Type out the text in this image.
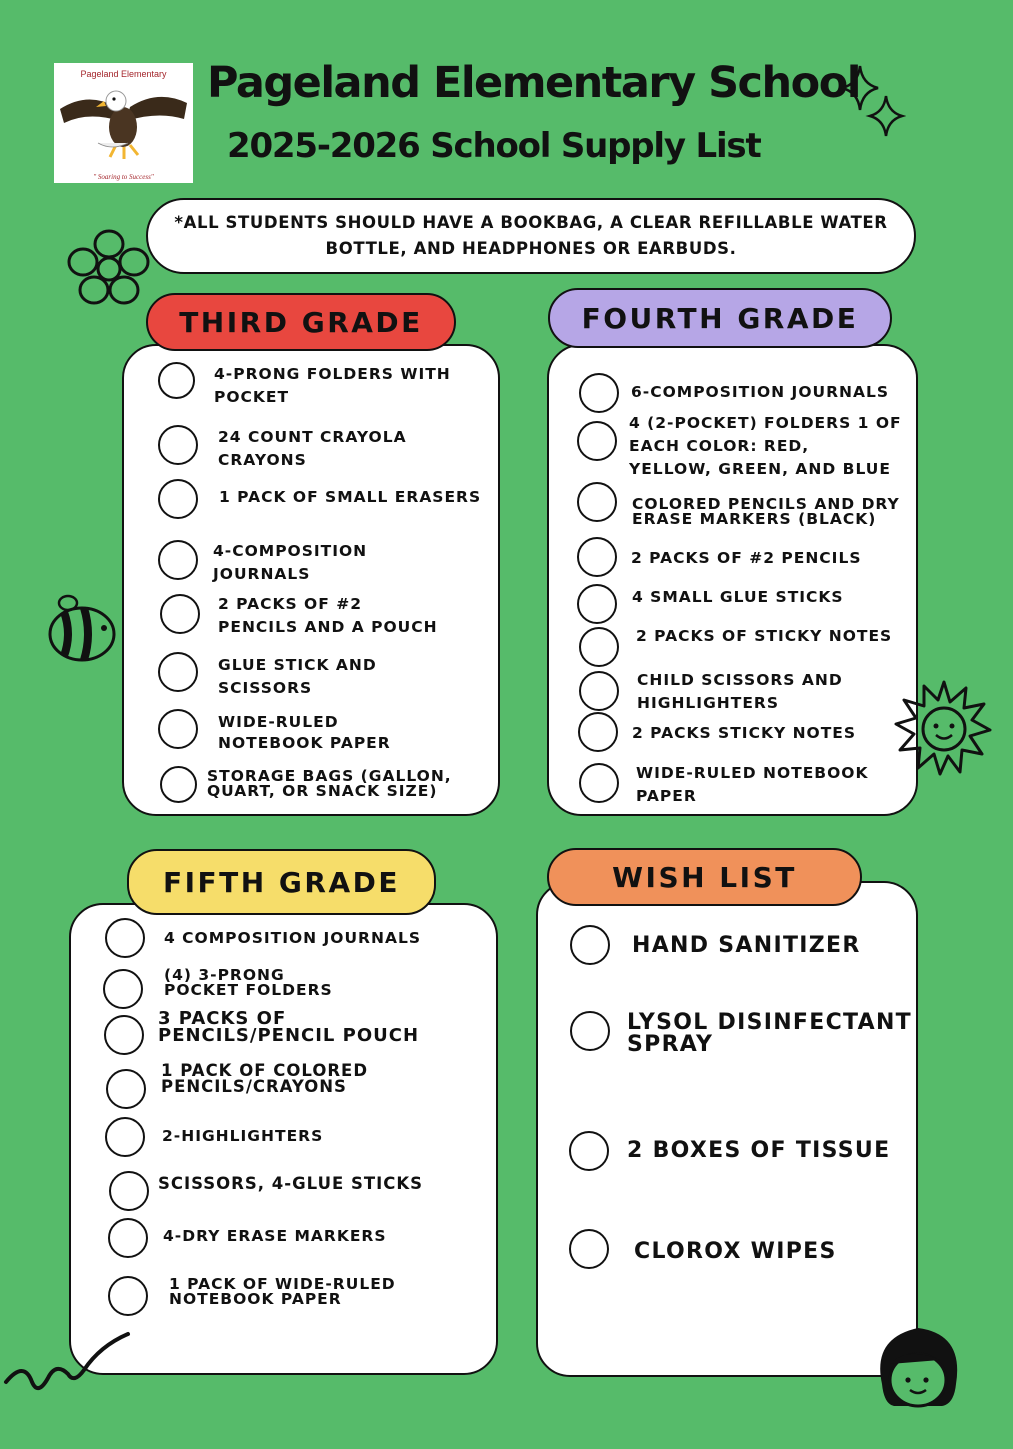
Pageland Elementary
" Soaring to Success"
Pageland Elementary School
2025-2026 School Supply List
*ALL STUDENTS SHOULD HAVE A BOOKBAG, A CLEAR REFILLABLE WATER
BOTTLE, AND HEADPHONES OR EARBUDS.
THIRD GRADE
4-PRONG FOLDERS WITH
POCKET
24 COUNT CRAYOLA
CRAYONS
1 PACK OF SMALL ERASERS
4-COMPOSITION
JOURNALS
2 PACKS OF #2
PENCILS AND A POUCH
GLUE STICK AND
SCISSORS
WIDE-RULED
NOTEBOOK PAPER
STORAGE BAGS (GALLON,
QUART, OR SNACK SIZE)
FOURTH GRADE
6-COMPOSITION JOURNALS
4 (2-POCKET) FOLDERS 1 OF
EACH COLOR: RED,
YELLOW, GREEN, AND BLUE
COLORED PENCILS AND DRY
ERASE MARKERS (BLACK)
2 PACKS OF #2 PENCILS
4 SMALL GLUE STICKS
2 PACKS OF STICKY NOTES
CHILD SCISSORS AND
HIGHLIGHTERS
2 PACKS STICKY NOTES
WIDE-RULED NOTEBOOK
PAPER
FIFTH GRADE
4 COMPOSITION JOURNALS
(4) 3-PRONG
POCKET FOLDERS
3 PACKS OF
PENCILS/PENCIL POUCH
1 PACK OF COLORED
PENCILS/CRAYONS
2-HIGHLIGHTERS
SCISSORS, 4-GLUE STICKS
4-DRY ERASE MARKERS
1 PACK OF WIDE-RULED
NOTEBOOK PAPER
WISH LIST
HAND SANITIZER
LYSOL DISINFECTANT
SPRAY
2 BOXES OF TISSUE
CLOROX WIPES
